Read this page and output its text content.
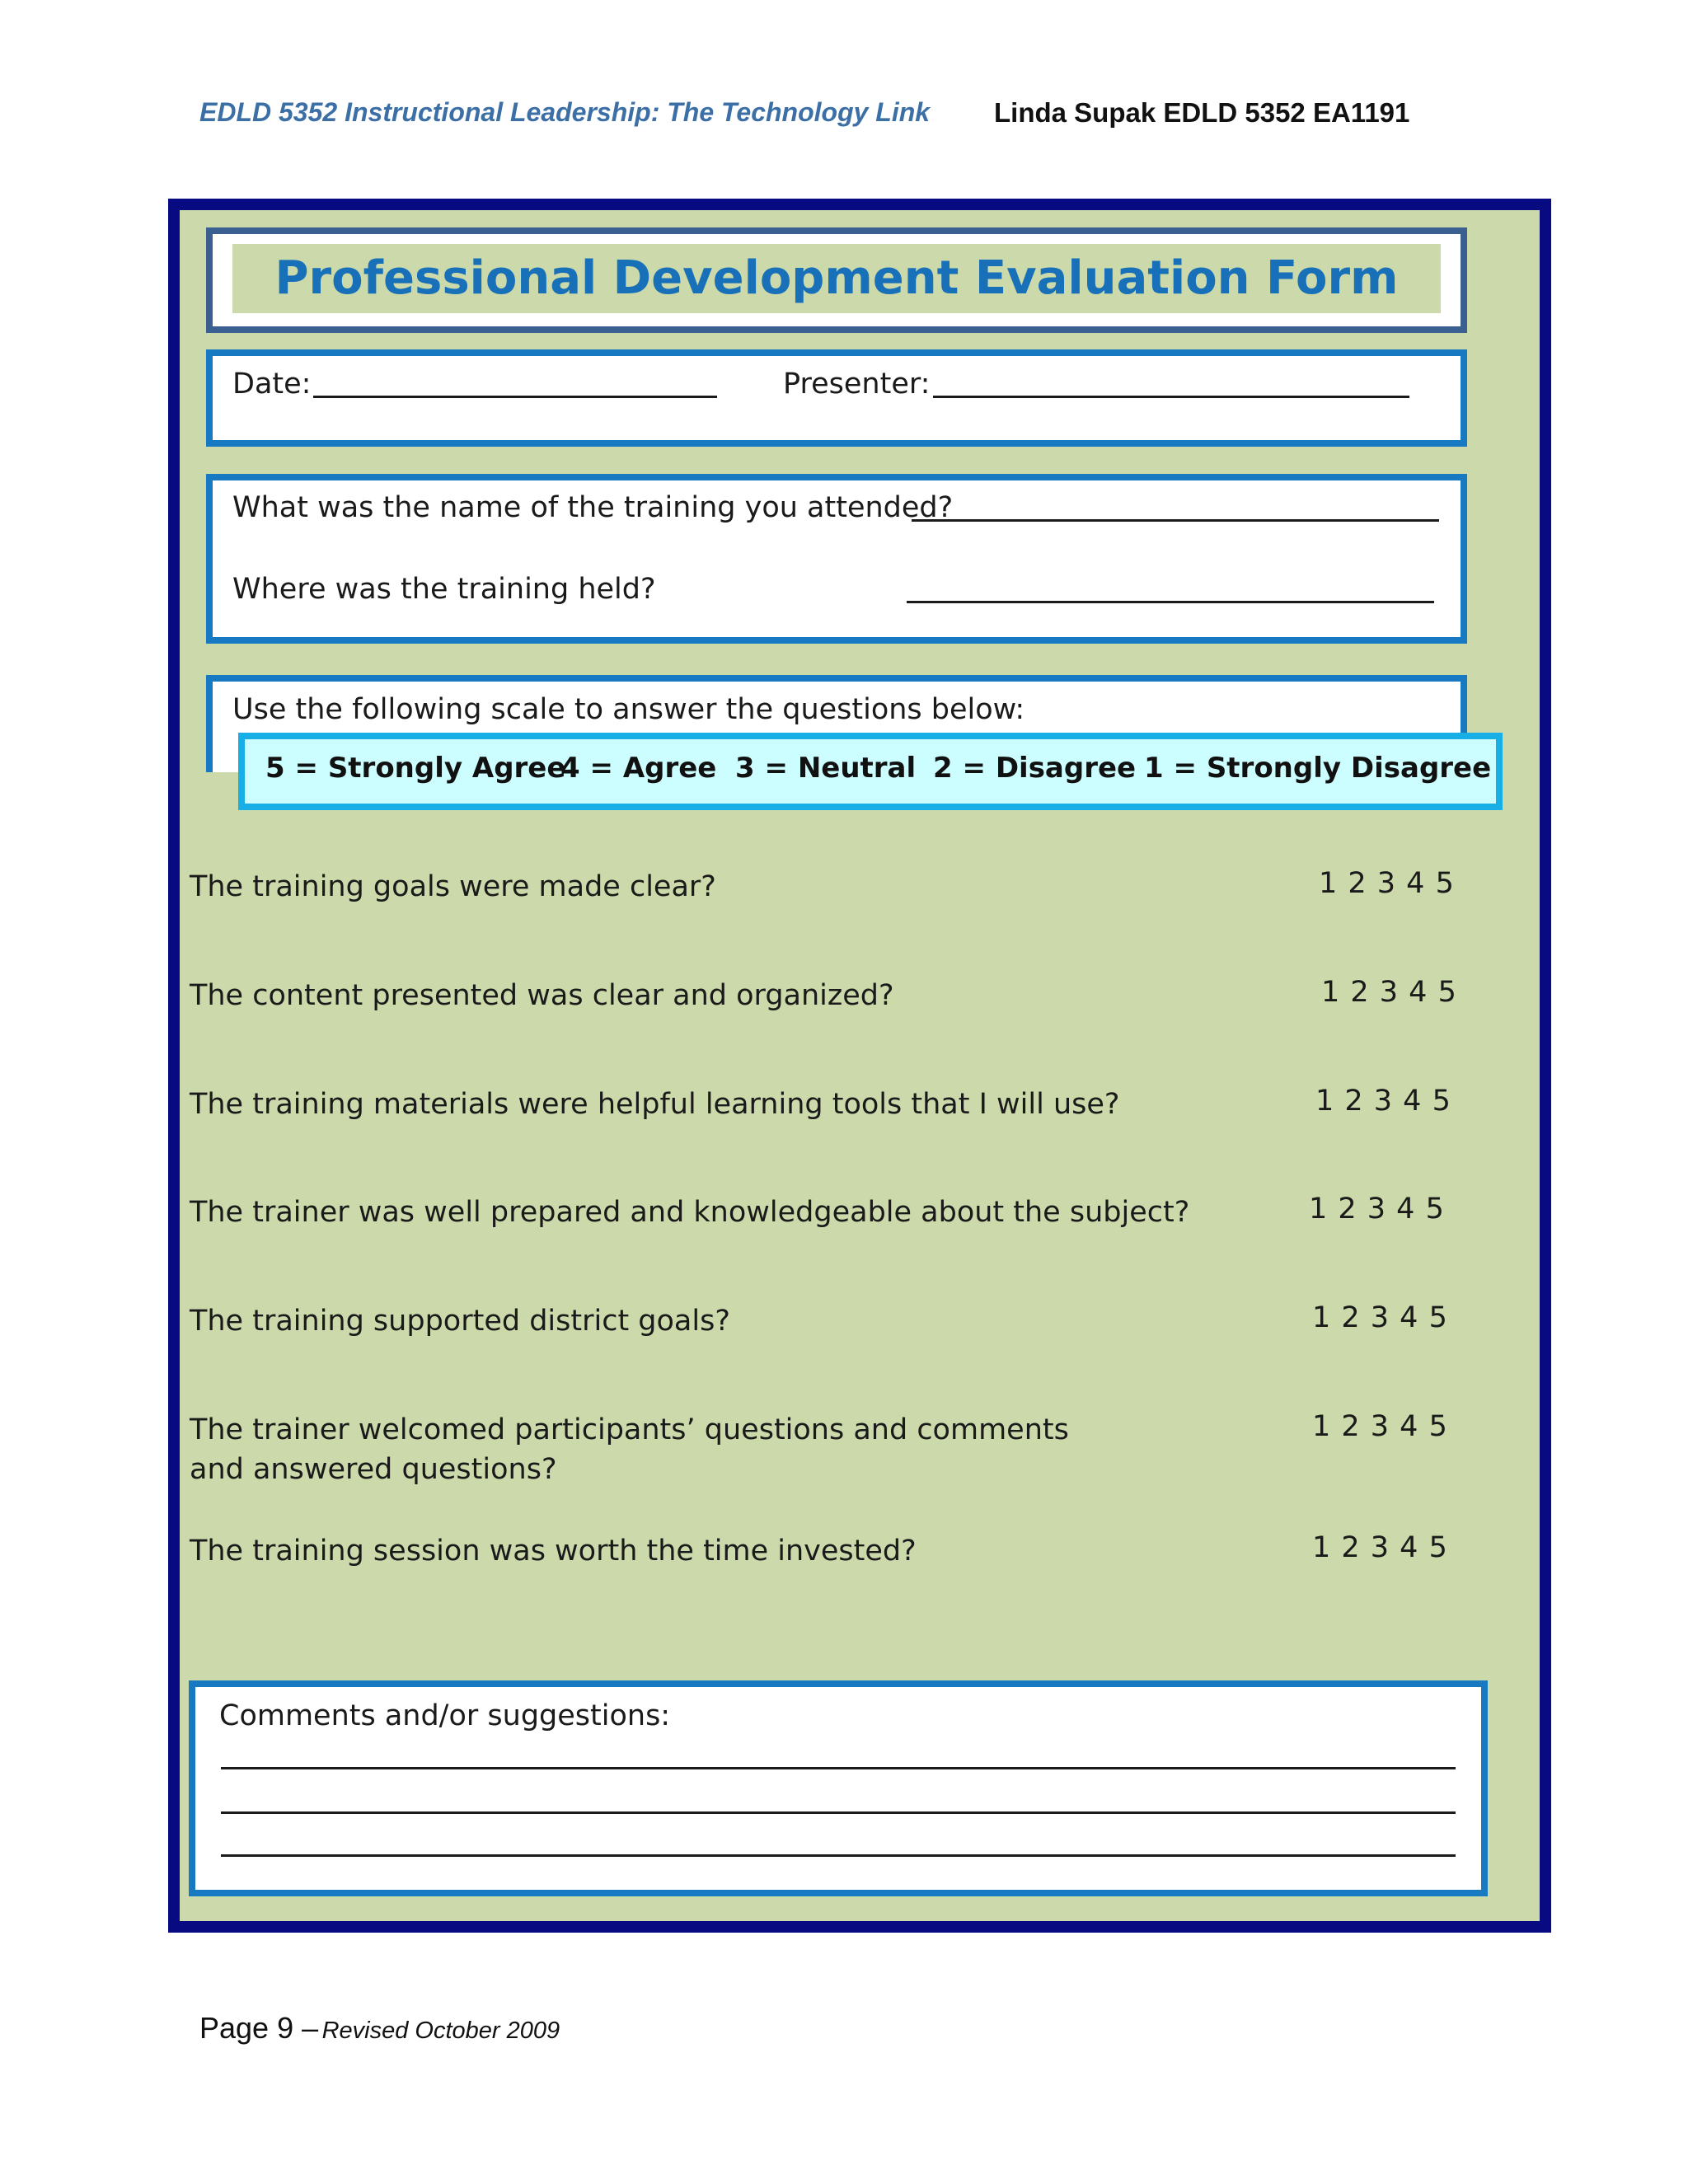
EDLD 5352 Instructional Leadership: The Technology Link Linda Supak EDLD 5352 EA1191
Professional Development Evaluation Form
Date:	Presenter:
What was the name of the training you attended?
Where was the training held?
Use the following scale to answer the questions below:
5 = Strongly Agree
4 = Agree 3 = Neutral 2 = Disagree 1 = Strongly Disagree
The training goals were made clear?	1 2 3 4 5
The content presented was clear and organized?	1 2 3 4 5
The training materials were helpful learning tools that I will use?	1 2 3 4 5
The trainer was well prepared and knowledgeable about the subject?	1 2 3 4 5
The training supported district goals?	1 2 3 4 5
The trainer welcomed participants’ questions and comments and answered questions?
1 2 3 4 5
The training session was worth the time invested?	1 2 3 4 5
Comments and/or suggestions:
Page 9 – Revised October 2009
